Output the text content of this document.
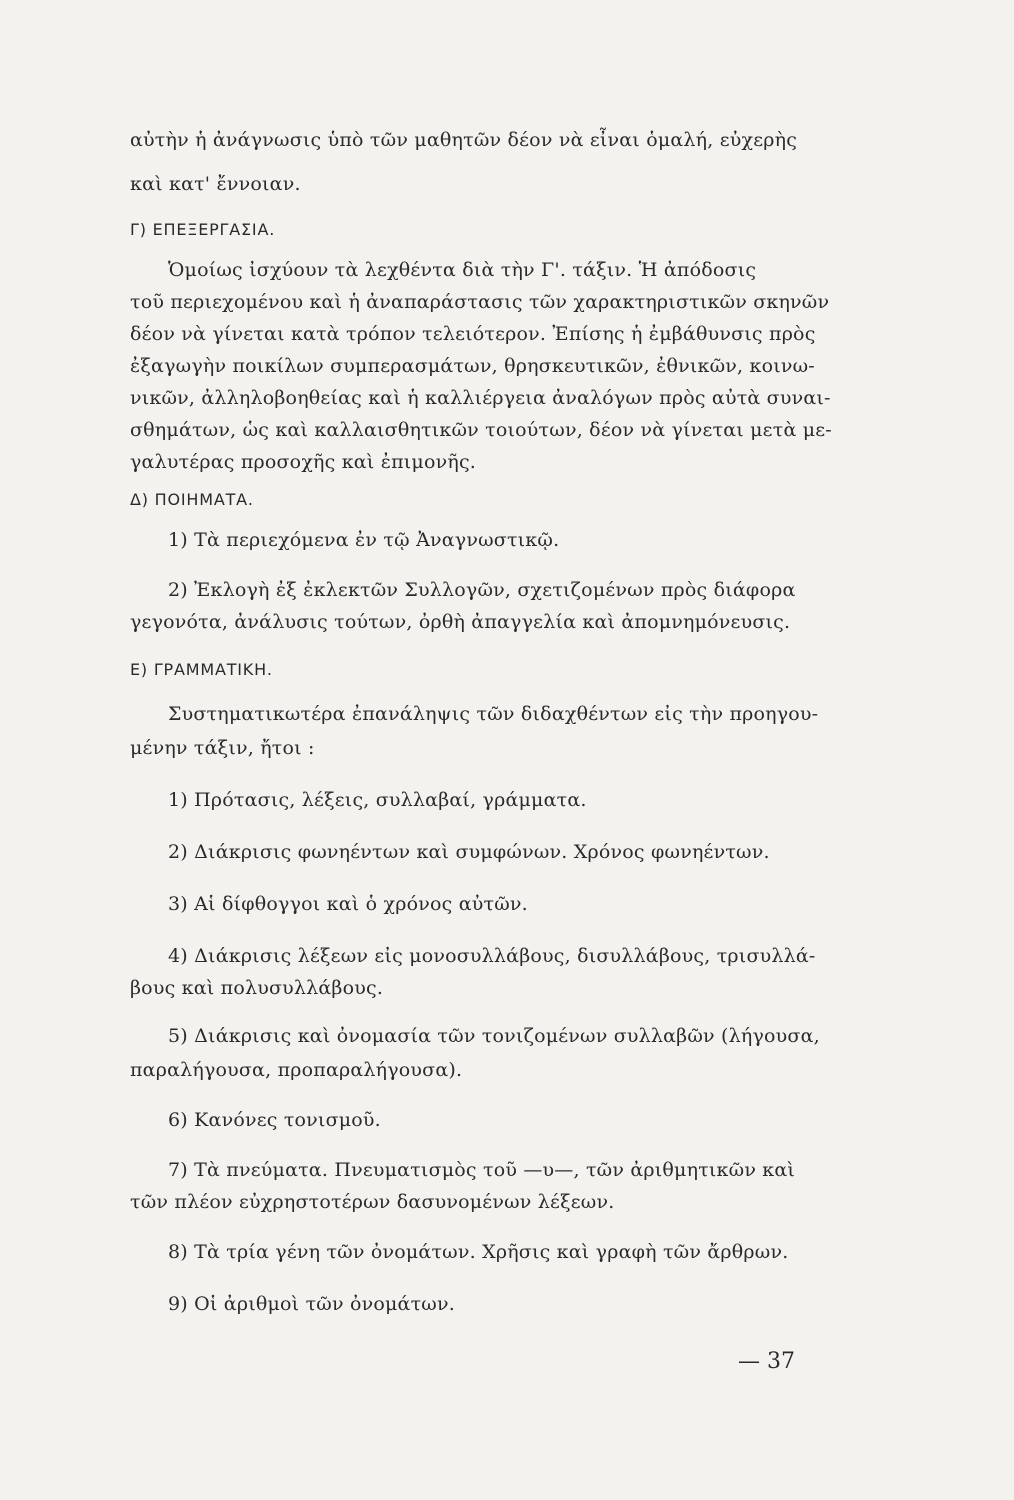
αὐτὴν ἡ ἀνάγνωσις ὑπὸ τῶν μαθητῶν δέον νὰ εἶναι ὁμαλή, εὐχερὴς
καὶ κατ' ἔννοιαν.
Γ) ΕΠΕΞΕΡΓΑΣΙΑ.
Ὁμοίως ἰσχύουν τὰ λεχθέντα διὰ τὴν Γ'. τάξιν. Ἡ ἀπόδοσις
τοῦ περιεχομένου καὶ ἡ ἀναπαράστασις τῶν χαρακτηριστικῶν σκηνῶν
δέον νὰ γίνεται κατὰ τρόπον τελειότερον. Ἐπίσης ἡ ἐμβάθυνσις πρὸς
ἐξαγωγὴν ποικίλων συμπερασμάτων, θρησκευτικῶν, ἐθνικῶν, κοινω-
νικῶν, ἀλληλοβοηθείας καὶ ἡ καλλιέργεια ἀναλόγων πρὸς αὐτὰ συναι-
σθημάτων, ὡς καὶ καλλαισθητικῶν τοιούτων, δέον νὰ γίνεται μετὰ με-
γαλυτέρας προσοχῆς καὶ ἐπιμονῆς.
Δ) ΠΟΙΗΜΑΤΑ.
1) Τὰ περιεχόμενα ἐν τῷ Ἀναγνωστικῷ.
2) Ἐκλογὴ ἐξ ἐκλεκτῶν Συλλογῶν, σχετιζομένων πρὸς διάφορα
γεγονότα, ἀνάλυσις τούτων, ὀρθὴ ἀπαγγελία καὶ ἀπομνημόνευσις.
Ε) ΓΡΑΜΜΑΤΙΚΗ.
Συστηματικωτέρα ἐπανάληψις τῶν διδαχθέντων εἰς τὴν προηγου-
μένην τάξιν, ἤτοι :
1) Πρότασις, λέξεις, συλλαβαί, γράμματα.
2) Διάκρισις φωνηέντων καὶ συμφώνων. Χρόνος φωνηέντων.
3) Αἱ δίφθογγοι καὶ ὁ χρόνος αὐτῶν.
4) Διάκρισις λέξεων εἰς μονοσυλλάβους, δισυλλάβους, τρισυλλά-
βους καὶ πολυσυλλάβους.
5) Διάκρισις καὶ ὀνομασία τῶν τονιζομένων συλλαβῶν (λήγουσα,
παραλήγουσα, προπαραλήγουσα).
6) Κανόνες τονισμοῦ.
7) Τὰ πνεύματα. Πνευματισμὸς τοῦ —υ—, τῶν ἀριθμητικῶν καὶ
τῶν πλέον εὐχρηστοτέρων δασυνομένων λέξεων.
8) Τὰ τρία γένη τῶν ὀνομάτων. Χρῆσις καὶ γραφὴ τῶν ἄρθρων.
9) Οἱ ἀριθμοὶ τῶν ὀνομάτων.
— 37
